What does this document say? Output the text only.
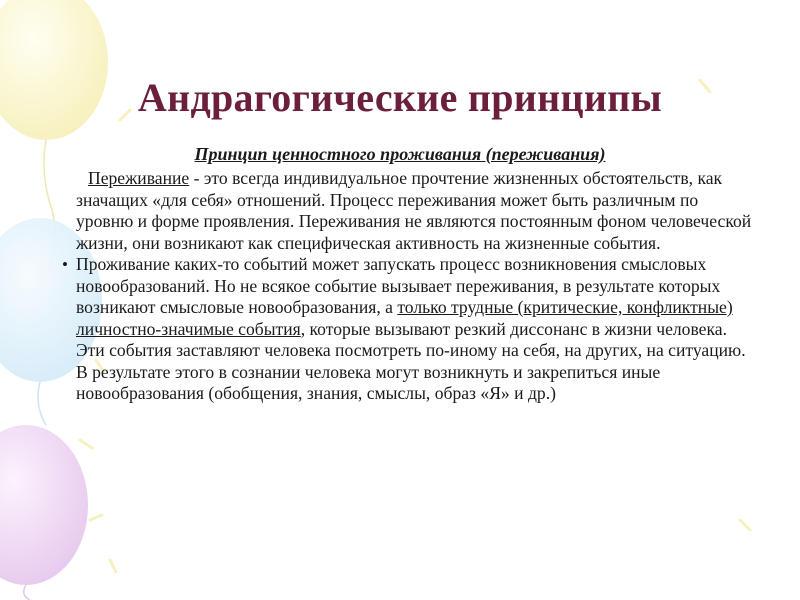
Андрагогические принципы
Принцип ценностного проживания (переживания)

Переживание - это всегда индивидуальное прочтение жизненных обстоятельств, как значащих «для себя» отношений. Процесс переживания может быть различным по уровню и форме проявления. Переживания не являются постоянным фоном человеческой жизни, они возникают как специфическая активность на жизненные события.

• Проживание каких-то событий может запускать процесс возникновения смысловых новообразований. Но не всякое событие вызывает переживания, в результате которых возникают смысловые новообразования, а только трудные (критические, конфликтные) личностно-значимые события, которые вызывают резкий диссонанс в жизни человека. Эти события заставляют человека посмотреть по-иному на себя, на других, на ситуацию. В результате этого в сознании человека могут возникнуть и закрепиться иные новообразования (обобщения, знания, смыслы, образ «Я» и др.)
